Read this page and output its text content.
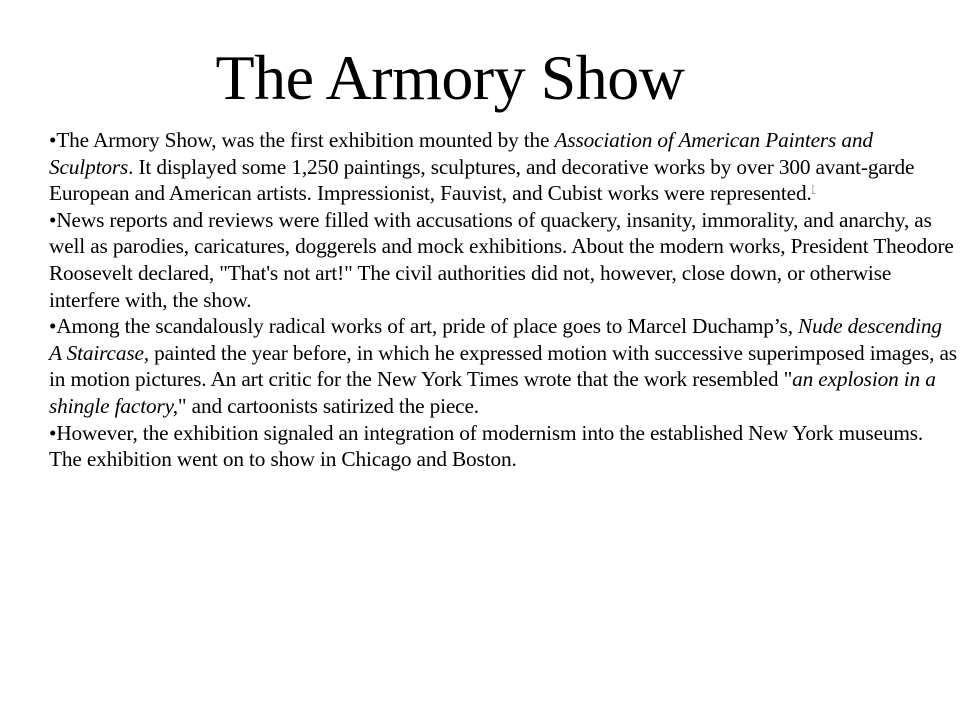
The Armory Show

•The Armory Show, was the first exhibition mounted by the Association of American Painters and Sculptors. It displayed some 1,250 paintings, sculptures, and decorative works by over 300 avant-garde European and American artists. Impressionist, Fauvist, and Cubist works were represented.[

•News reports and reviews were filled with accusations of quackery, insanity, immorality, and anarchy, as well as parodies, caricatures, doggerels and mock exhibitions. About the modern works, President Theodore Roosevelt declared, "That's not art!" The civil authorities did not, however, close down, or otherwise interfere with, the show.

•Among the scandalously radical works of art, pride of place goes to Marcel Duchamp’s, Nude descending A Staircase, painted the year before, in which he expressed motion with successive superimposed images, as in motion pictures. An art critic for the New York Times wrote that the work resembled "an explosion in a shingle factory," and cartoonists satirized the piece.

•However, the exhibition signaled an integration of modernism into the established New York museums. The exhibition went on to show in Chicago and Boston.
